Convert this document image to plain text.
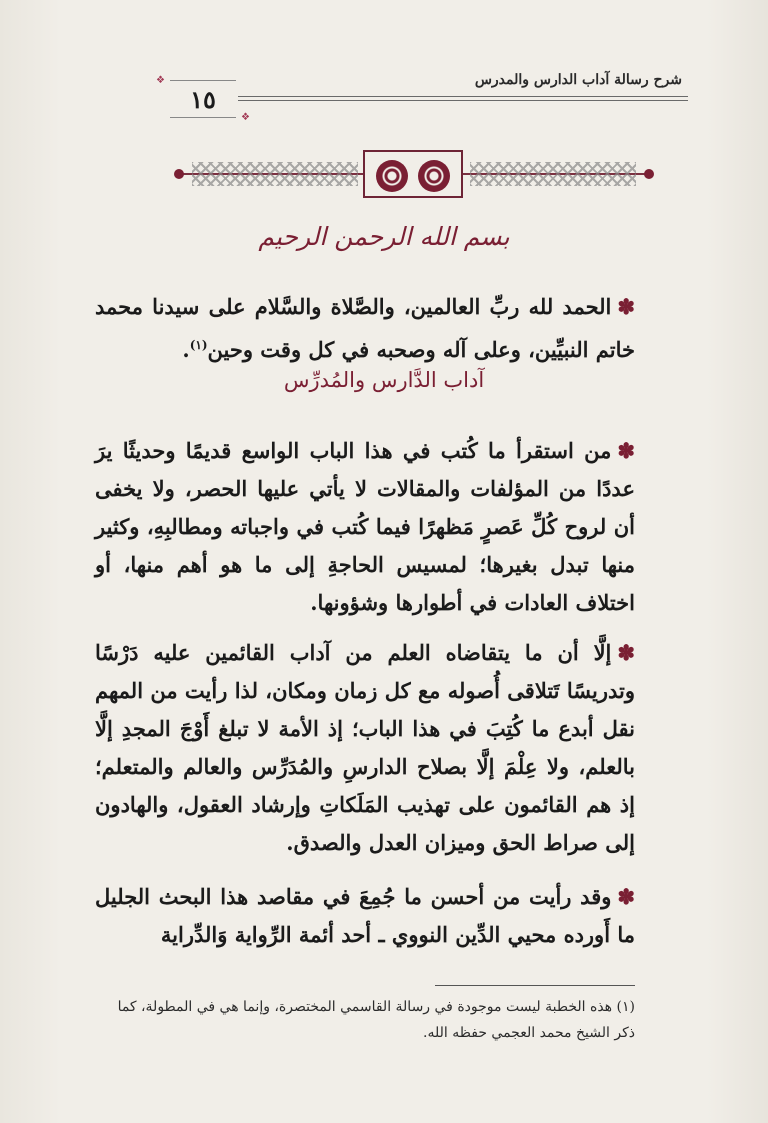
شرح رسالة آداب الدارس والمدرس
❖
❖
١٥
بسم الله الرحمن الرحيم
✽الحمد لله ربِّ العالمين، والصَّلاة والسَّلام على سيدنا محمد خاتم النبيِّين، وعلى آله وصحبه في كل وقت وحين$^{(١)}$.
آداب الدَّارس والمُدرِّس
✽من استقرأ ما كُتب في هذا الباب الواسع قديمًا وحديثًا يرَ عددًا من المؤلفات والمقالات لا يأتي عليها الحصر، ولا يخفى أن لروح كُلِّ عَصرٍ مَظهرًا فيما كُتب في واجباته ومطالبِهِ، وكثير منها تبدل بغيرها؛ لمسيس الحاجةِ إلى ما هو أهم منها، أو اختلاف العادات في أطوارها وشؤونها.
✽إلَّا أن ما يتقاضاه العلم من آداب القائمين عليه دَرْسًا وتدريسًا تَتلاقى أُصوله مع كل زمان ومكان، لذا رأيت من المهم نقل أبدع ما كُتِبَ في هذا الباب؛ إذ الأمة لا تبلغ أَوْجَ المجدِ إلَّا بالعلم، ولا عِلْمَ إلَّا بصلاح الدارسِ والمُدَرِّس والعالم والمتعلم؛ إذ هم القائمون على تهذيب المَلَكاتِ وإرشاد العقول، والهادون إلى صراط الحق وميزان العدل والصدق.
✽وقد رأيت من أحسن ما جُمِعَ في مقاصد هذا البحث الجليل ما أَورده محيي الدِّين النووي ـ أحد أئمة الرِّواية وَالدِّراية
(١) هذه الخطبة ليست موجودة في رسالة القاسمي المختصرة، وإنما هي في المطولة، كما ذكر الشيخ محمد العجمي حفظه الله.
